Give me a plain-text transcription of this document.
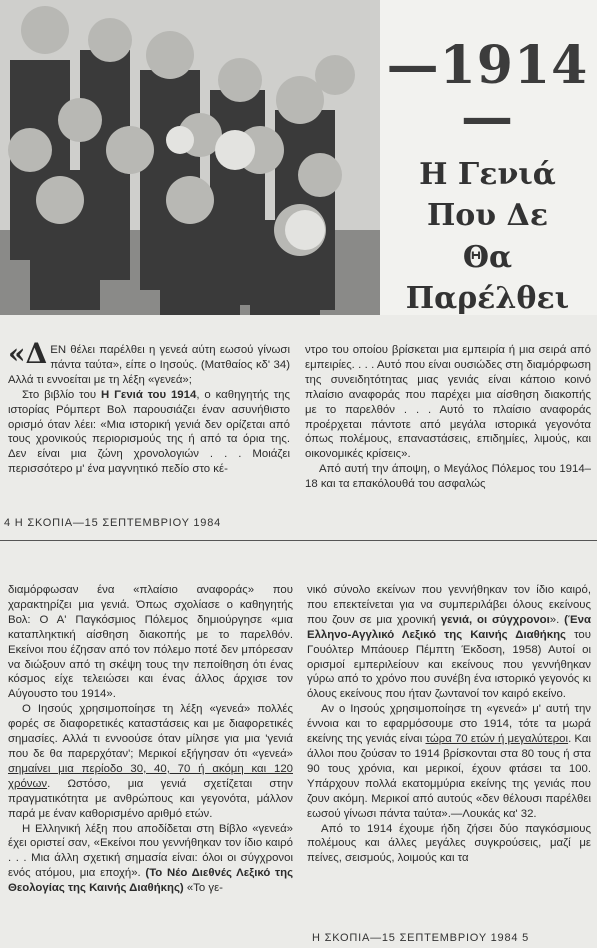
—1914—
Η Γενιά
Που Δε
Θα
Παρέλθει

«Δ ΕΝ θέλει παρέλθει η γενεά αύτη εωσού γίνωσι πάντα ταύτα», είπε ο Ιησούς. (Ματθαίος κδ' 34) Αλλά τι εννοείται με τη λέξη «γενεά»;

Στο βιβλίο του Η Γενιά του 1914, ο καθηγητής της ιστορίας Ρόμπερτ Βολ παρουσιάζει έναν ασυνήθιστο ορισμό όταν λέει: «Μια ιστορική γενιά δεν ορίζεται από τους χρονικούς περιορισμούς της ή από τα όρια της. Δεν είναι μια ζώνη χρονολογιών . . . Μοιάζει περισσότερο μ' ένα μαγνητικό πεδίο στο κέ-

ντρο του οποίου βρίσκεται μια εμπειρία ή μια σειρά από εμπειρίες. . . . Αυτό που είναι ουσιώδες στη διαμόρφωση της συνειδητότητας μιας γενιάς είναι κάποιο κοινό πλαίσιο αναφοράς που παρέχει μια αίσθηση διακοπής με το παρελθόν . . . Αυτό το πλαίσιο αναφοράς προέρχεται πάντοτε από μεγάλα ιστορικά γεγονότα όπως πολέμους, επαναστάσεις, επιδημίες, λιμούς, και οικονομικές κρίσεις».

Από αυτή την άποψη, ο Μεγάλος Πόλεμος του 1914–18 και τα επακόλουθά του ασφαλώς

4 Η ΣΚΟΠΙΑ—15 ΣΕΠΤΕΜΒΡΙΟΥ 1984

διαμόρφωσαν ένα «πλαίσιο αναφοράς» που χαρακτηρίζει μια γενιά. Όπως σχολίασε ο καθηγητής Βολ: Ο Α' Παγκόσμιος Πόλεμος δημιούργησε «μια καταπληκτική αίσθηση διακοπής με το παρελθόν. Εκείνοι που έζησαν από τον πόλεμο ποτέ δεν μπόρεσαν να διώξουν από τη σκέψη τους την πεποίθηση ότι ένας κόσμος είχε τελειώσει και ένας άλλος άρχισε τον Αύγουστο του 1914».

Ο Ιησούς χρησιμοποίησε τη λέξη «γενεά» πολλές φορές σε διαφορετικές καταστάσεις και με διαφορετικές σημασίες. Αλλά τι εννοούσε όταν μίλησε για μια 'γενιά που δε θα παρερχόταν'; Μερικοί εξήγησαν ότι «γενεά» σημαίνει μια περίοδο 30, 40, 70 ή ακόμη και 120 χρόνων. Ωστόσο, μια γενιά σχετίζεται στην πραγματικότητα με ανθρώπους και γεγονότα, μάλλον παρά με έναν καθορισμένο αριθμό ετών.

Η Ελληνική λέξη που αποδίδεται στη Βίβλο «γενεά» έχει οριστεί σαν, «Εκείνοι που γεννήθηκαν τον ίδιο καιρό . . . Μια άλλη σχετική σημασία είναι: όλοι οι σύγχρονοι ενός ατόμου, μια εποχή». (Το Νέο Διεθνές Λεξικό της Θεολογίας της Καινής Διαθήκης) «Το γε-

νικό σύνολο εκείνων που γεννήθηκαν τον ίδιο καιρό, που επεκτείνεται για να συμπεριλάβει όλους εκείνους που ζουν σε μια χρονική γενιά, οι σύγχρονοι». (Ένα Ελληνο-Αγγλικό Λεξικό της Καινής Διαθήκης του Γουόλτερ Μπάουερ Πέμπτη Έκδοση, 1958) Αυτοί οι ορισμοί εμπεριλείουν και εκείνους που γεννήθηκαν γύρω από το χρόνο που συνέβη ένα ιστορικό γεγονός κι όλους εκείνους που ήταν ζωντανοί τον καιρό εκείνο.

Αν ο Ιησούς χρησιμοποίησε τη «γενεά» μ' αυτή την έννοια και το εφαρμόσουμε στο 1914, τότε τα μωρά εκείνης της γενιάς είναι τώρα 70 ετών ή μεγαλύτεροι. Και άλλοι που ζούσαν το 1914 βρίσκονται στα 80 τους ή στα 90 τους χρόνια, και μερικοί, έχουν φτάσει τα 100. Υπάρχουν πολλά εκατομμύρια εκείνης της γενιάς που ζουν ακόμη. Μερικοί από αυτούς «δεν θέλουσι παρέλθει εωσού γίνωσι πάντα ταύτα».—Λουκάς κα' 32.

Από το 1914 έχουμε ήδη ζήσει δύο παγκόσμιους πολέμους και άλλες μεγάλες συγκρούσεις, μαζί με πείνες, σεισμούς, λοιμούς και τα

Η ΣΚΟΠΙΑ—15 ΣΕΠΤΕΜΒΡΙΟΥ 1984 5
